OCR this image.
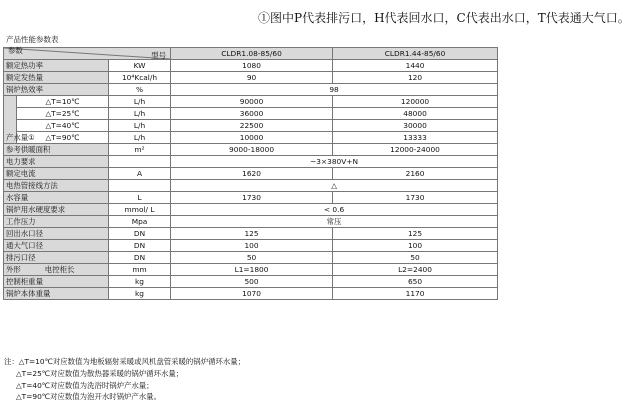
①图中P代表排污口，H代表回水口，C代表出水口，T代表通大气口。
产品性能参数表
型号
参数			CLDR1.08-85/60	CLDR1.44-85/60
额定热功率		KW	1080	1440
额定发热量		10⁴Kcal/h	90	120
锅炉热效率		%	98	
产水量①	△T=10℃	L/h	90000	120000
	△T=25℃	L/h	36000	48000
	△T=40℃	L/h	22500	30000
	△T=90℃	L/h	10000	13333
参考供暖面积		m²	9000-18000	12000-24000
电力要求			~3×380V+N	
额定电流		A	1620	2160
电热管接线方法			△	
水容量		L	1730	1730
锅炉用水硬度要求		mmol/ L	< 0.6	
工作压力		Mpa	常压	
回出水口径		DN	125	125
通大气口径		DN	100	100
排污口径		DN	50	50
外形 电控柜长		mm	L1=1800	L2=2400
控制柜重量		kg	500	650
锅炉本体重量		kg	1070	1170
注：△T=10℃对应数值为地板辐射采暖或风机盘管采暖的锅炉循环水量；
△T=25℃对应数值为散热器采暖的锅炉循环水量；
△T=40℃对应数值为洗浴时锅炉产水量；
△T=90℃对应数值为泡开水时锅炉产水量。
